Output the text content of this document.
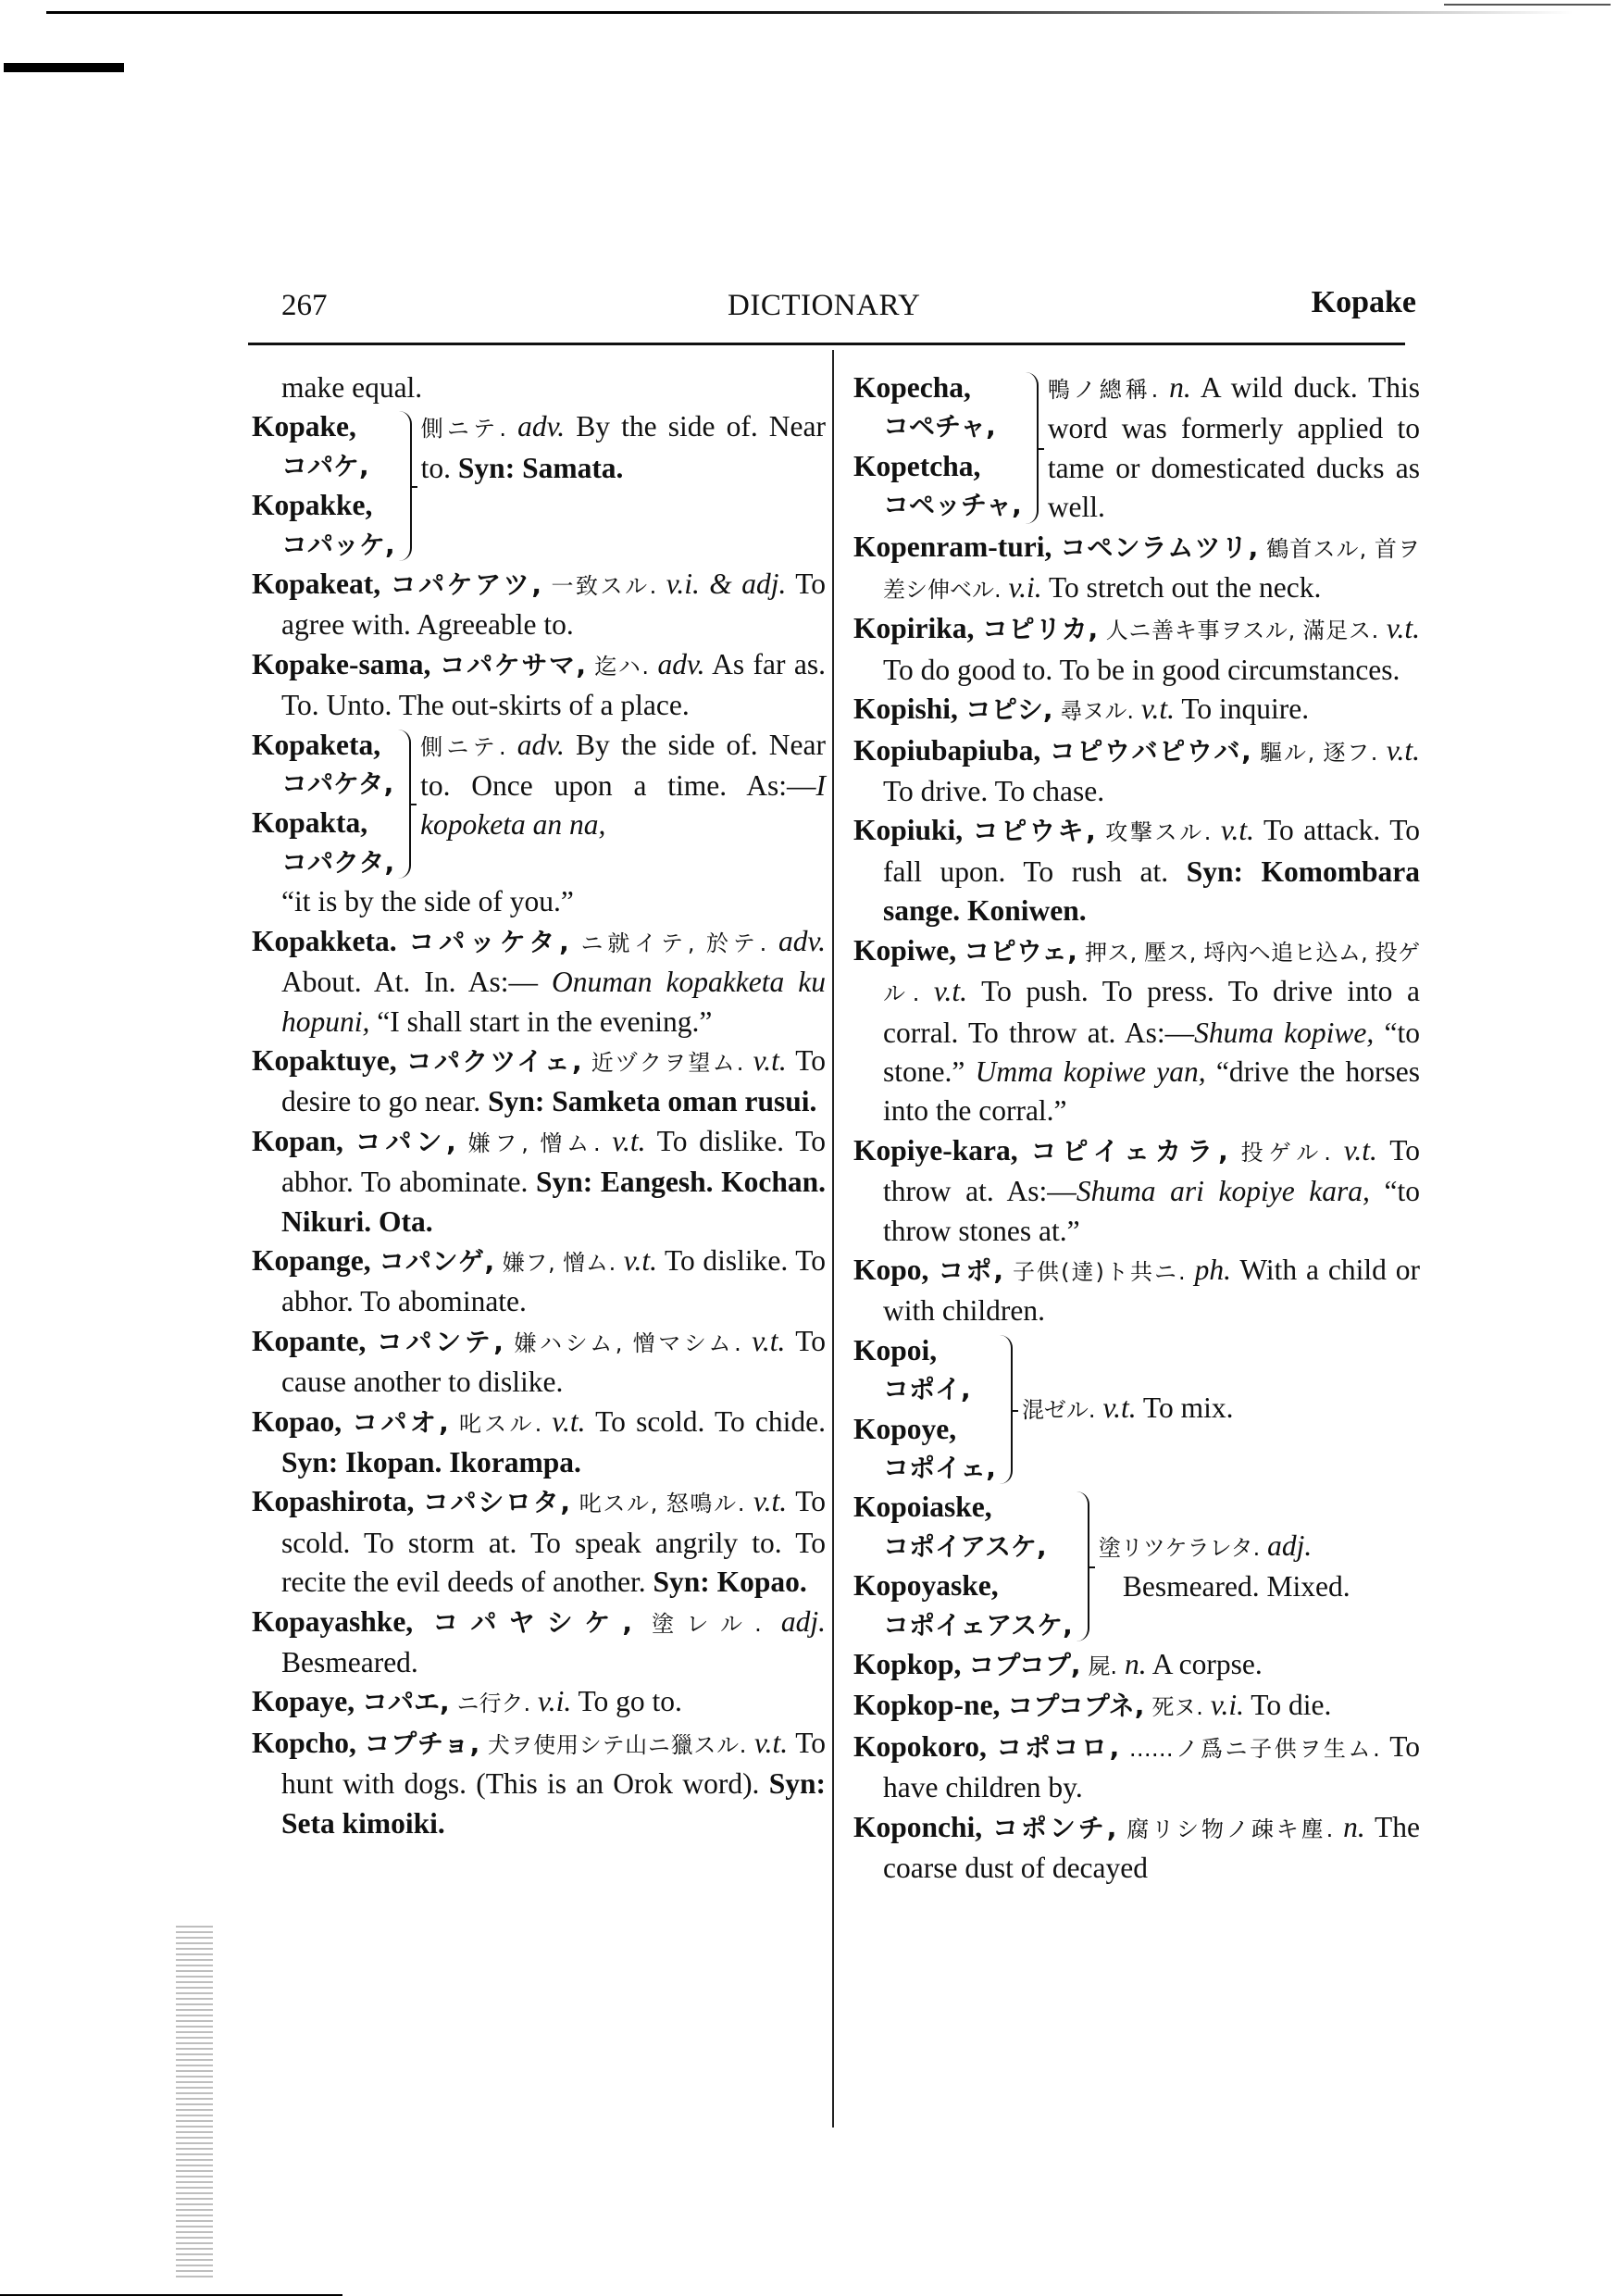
267	DICTIONARY	Kopake
make equal.
Kopake,
コパケ,
Kopakke,
コパッケ,
側ニテ. adv. By the side of. Near to. Syn: Samata.
Kopakeat, コパケアツ, 一致スル. v.i. & adj. To agree with. Agreeable to.
Kopake-sama, コパケサマ, 迄ハ. adv. As far as. To. Unto. The out-skirts of a place.
Kopaketa,
コパケタ,
Kopakta,
コパクタ,
側ニテ. adv. By the side of. Near to. Once upon a time. As:—I kopoketa an na,
“it is by the side of you.”
Kopakketa. コパッケタ, ニ就イテ, 於テ. adv. About. At. In. As:— Onuman kopakketa ku hopuni, “I shall start in the evening.”
Kopaktuye, コパクツイェ, 近ヅクヲ望ム. v.t. To desire to go near. Syn: Samketa oman rusui.
Kopan, コパン, 嫌フ, 憎ム. v.t. To dislike. To abhor. To abominate. Syn: Eangesh. Kochan. Nikuri. Ota.
Kopange, コパンゲ, 嫌フ, 憎ム. v.t. To dislike. To abhor. To abominate.
Kopante, コパンテ, 嫌ハシム, 憎マシム. v.t. To cause another to dislike.
Kopao, コパオ, 叱スル. v.t. To scold. To chide. Syn: Ikopan. Ikorampa.
Kopashirota, コパシロタ, 叱スル, 怒鳴ル. v.t. To scold. To storm at. To speak angrily to. To recite the evil deeds of another. Syn: Kopao.
Kopayashke, コパヤシケ, 塗レル. adj. Besmeared.
Kopaye, コパエ, ニ行ク. v.i. To go to.
Kopcho, コプチョ, 犬ヲ使用シテ山ニ獵スル. v.t. To hunt with dogs. (This is an Orok word). Syn: Seta kimoiki.
Kopecha,
コペチャ,
Kopetcha,
コペッチャ,
鴨ノ總稱. n. A wild duck. This word was formerly applied to tame or domesticated ducks as well.
Kopenram-turi, コペンラムツリ, 鶴首スル, 首ヲ差シ伸ベル. v.i. To stretch out the neck.
Kopirika, コピリカ, 人ニ善キ事ヲスル, 滿足ス. v.t. To do good to. To be in good circumstances.
Kopishi, コピシ, 尋ヌル. v.t. To inquire.
Kopiubapiuba, コピウバピウバ, 驅ル, 逐フ. v.t. To drive. To chase.
Kopiuki, コピウキ, 攻撃スル. v.t. To attack. To fall upon. To rush at. Syn: Komombara sange. Koniwen.
Kopiwe, コピウェ, 押ス, 壓ス, 埒內ヘ追ヒ込ム, 投ゲル. v.t. To push. To press. To drive into a corral. To throw at. As:—Shuma kopiwe, “to stone.” Umma kopiwe yan, “drive the horses into the corral.”
Kopiye-kara, コピイェカラ, 投ゲル. v.t. To throw at. As:—Shuma ari kopiye kara, “to throw stones at.”
Kopo, コポ, 子供(達)ト共ニ. ph. With a child or with children.
Kopoi,
コポイ,
Kopoye,
コポイェ,
混ゼル. v.t. To mix.
Kopoiaske,
コポイアスケ,
Kopoyaske,
コポイェアスケ,
塗リツケラレタ. adj.
Besmeared. Mixed.
Kopkop, コプコプ, 屍. n. A corpse.
Kopkop-ne, コプコプネ, 死ヌ. v.i. To die.
Kopokoro, コポコロ, ……ノ爲ニ子供ヲ生ム. To have children by.
Koponchi, コポンチ, 腐リシ物ノ疎キ塵. n. The coarse dust of decayed
